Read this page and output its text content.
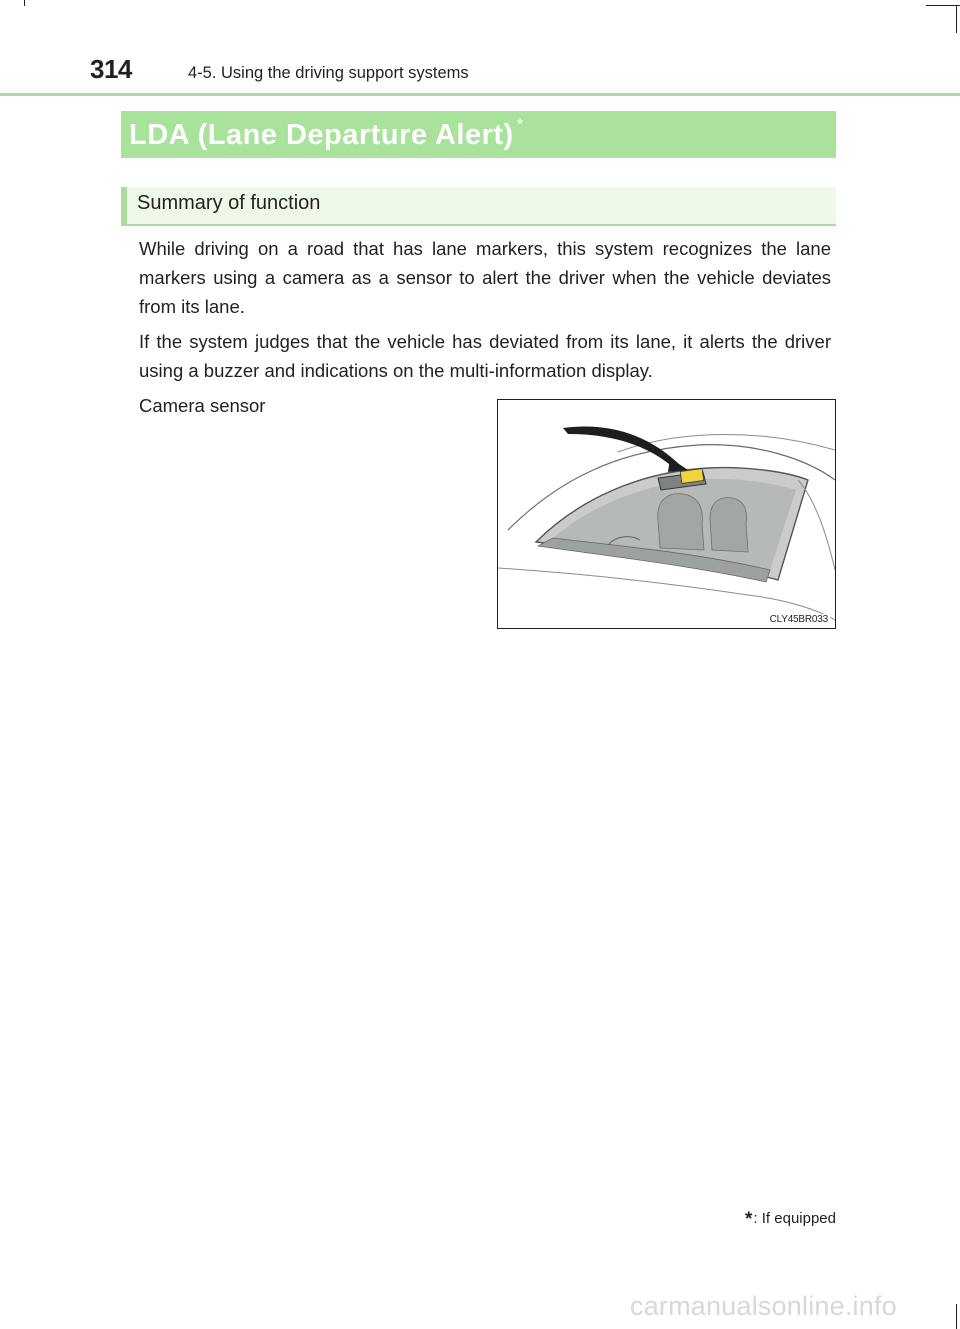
314	4-5. Using the driving support systems
LDA (Lane Departure Alert) *
Summary of function

While driving on a road that has lane markers, this system recognizes the lane markers using a camera as a sensor to alert the driver when the vehicle deviates from its lane.

If the system judges that the vehicle has deviated from its lane, it alerts the driver using a buzzer and indications on the multi-information display.

Camera sensor
CLY45BR033
*: If equipped
carmanualsonline.info
